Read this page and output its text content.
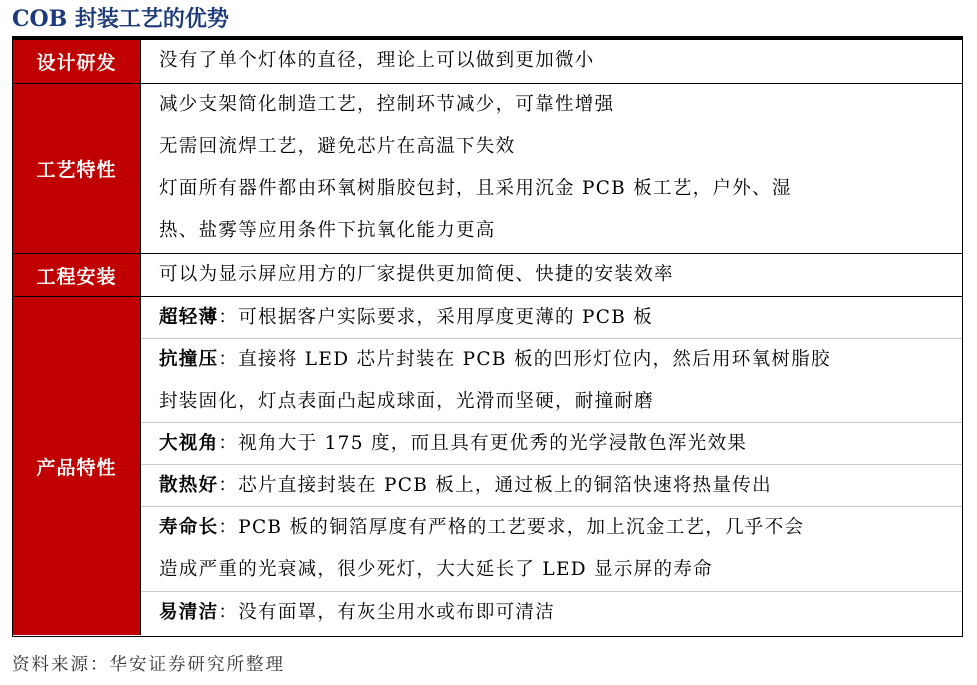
COB 封装工艺的优势
设计研发	没有了单个灯体的直径，理论上可以做到更加微小
工艺特性
减少支架简化制造工艺，控制环节减少，可靠性增强
无需回流焊工艺，避免芯片在高温下失效
灯面所有器件都由环氧树脂胶包封，且采用沉金 PCB 板工艺，户外、湿
热、盐雾等应用条件下抗氧化能力更高
工程安装	可以为显示屏应用方的厂家提供更加简便、快捷的安装效率
产品特性
超轻薄：可根据客户实际要求，采用厚度更薄的 PCB 板
抗撞压：直接将 LED 芯片封装在 PCB 板的凹形灯位内，然后用环氧树脂胶
封装固化，灯点表面凸起成球面，光滑而坚硬，耐撞耐磨
大视角：视角大于 175 度，而且具有更优秀的光学浸散色浑光效果
散热好：芯片直接封装在 PCB 板上，通过板上的铜箔快速将热量传出
寿命长：PCB 板的铜箔厚度有严格的工艺要求，加上沉金工艺，几乎不会
造成严重的光衰减，很少死灯，大大延长了 LED 显示屏的寿命
易清洁：没有面罩，有灰尘用水或布即可清洁
资料来源：华安证券研究所整理
